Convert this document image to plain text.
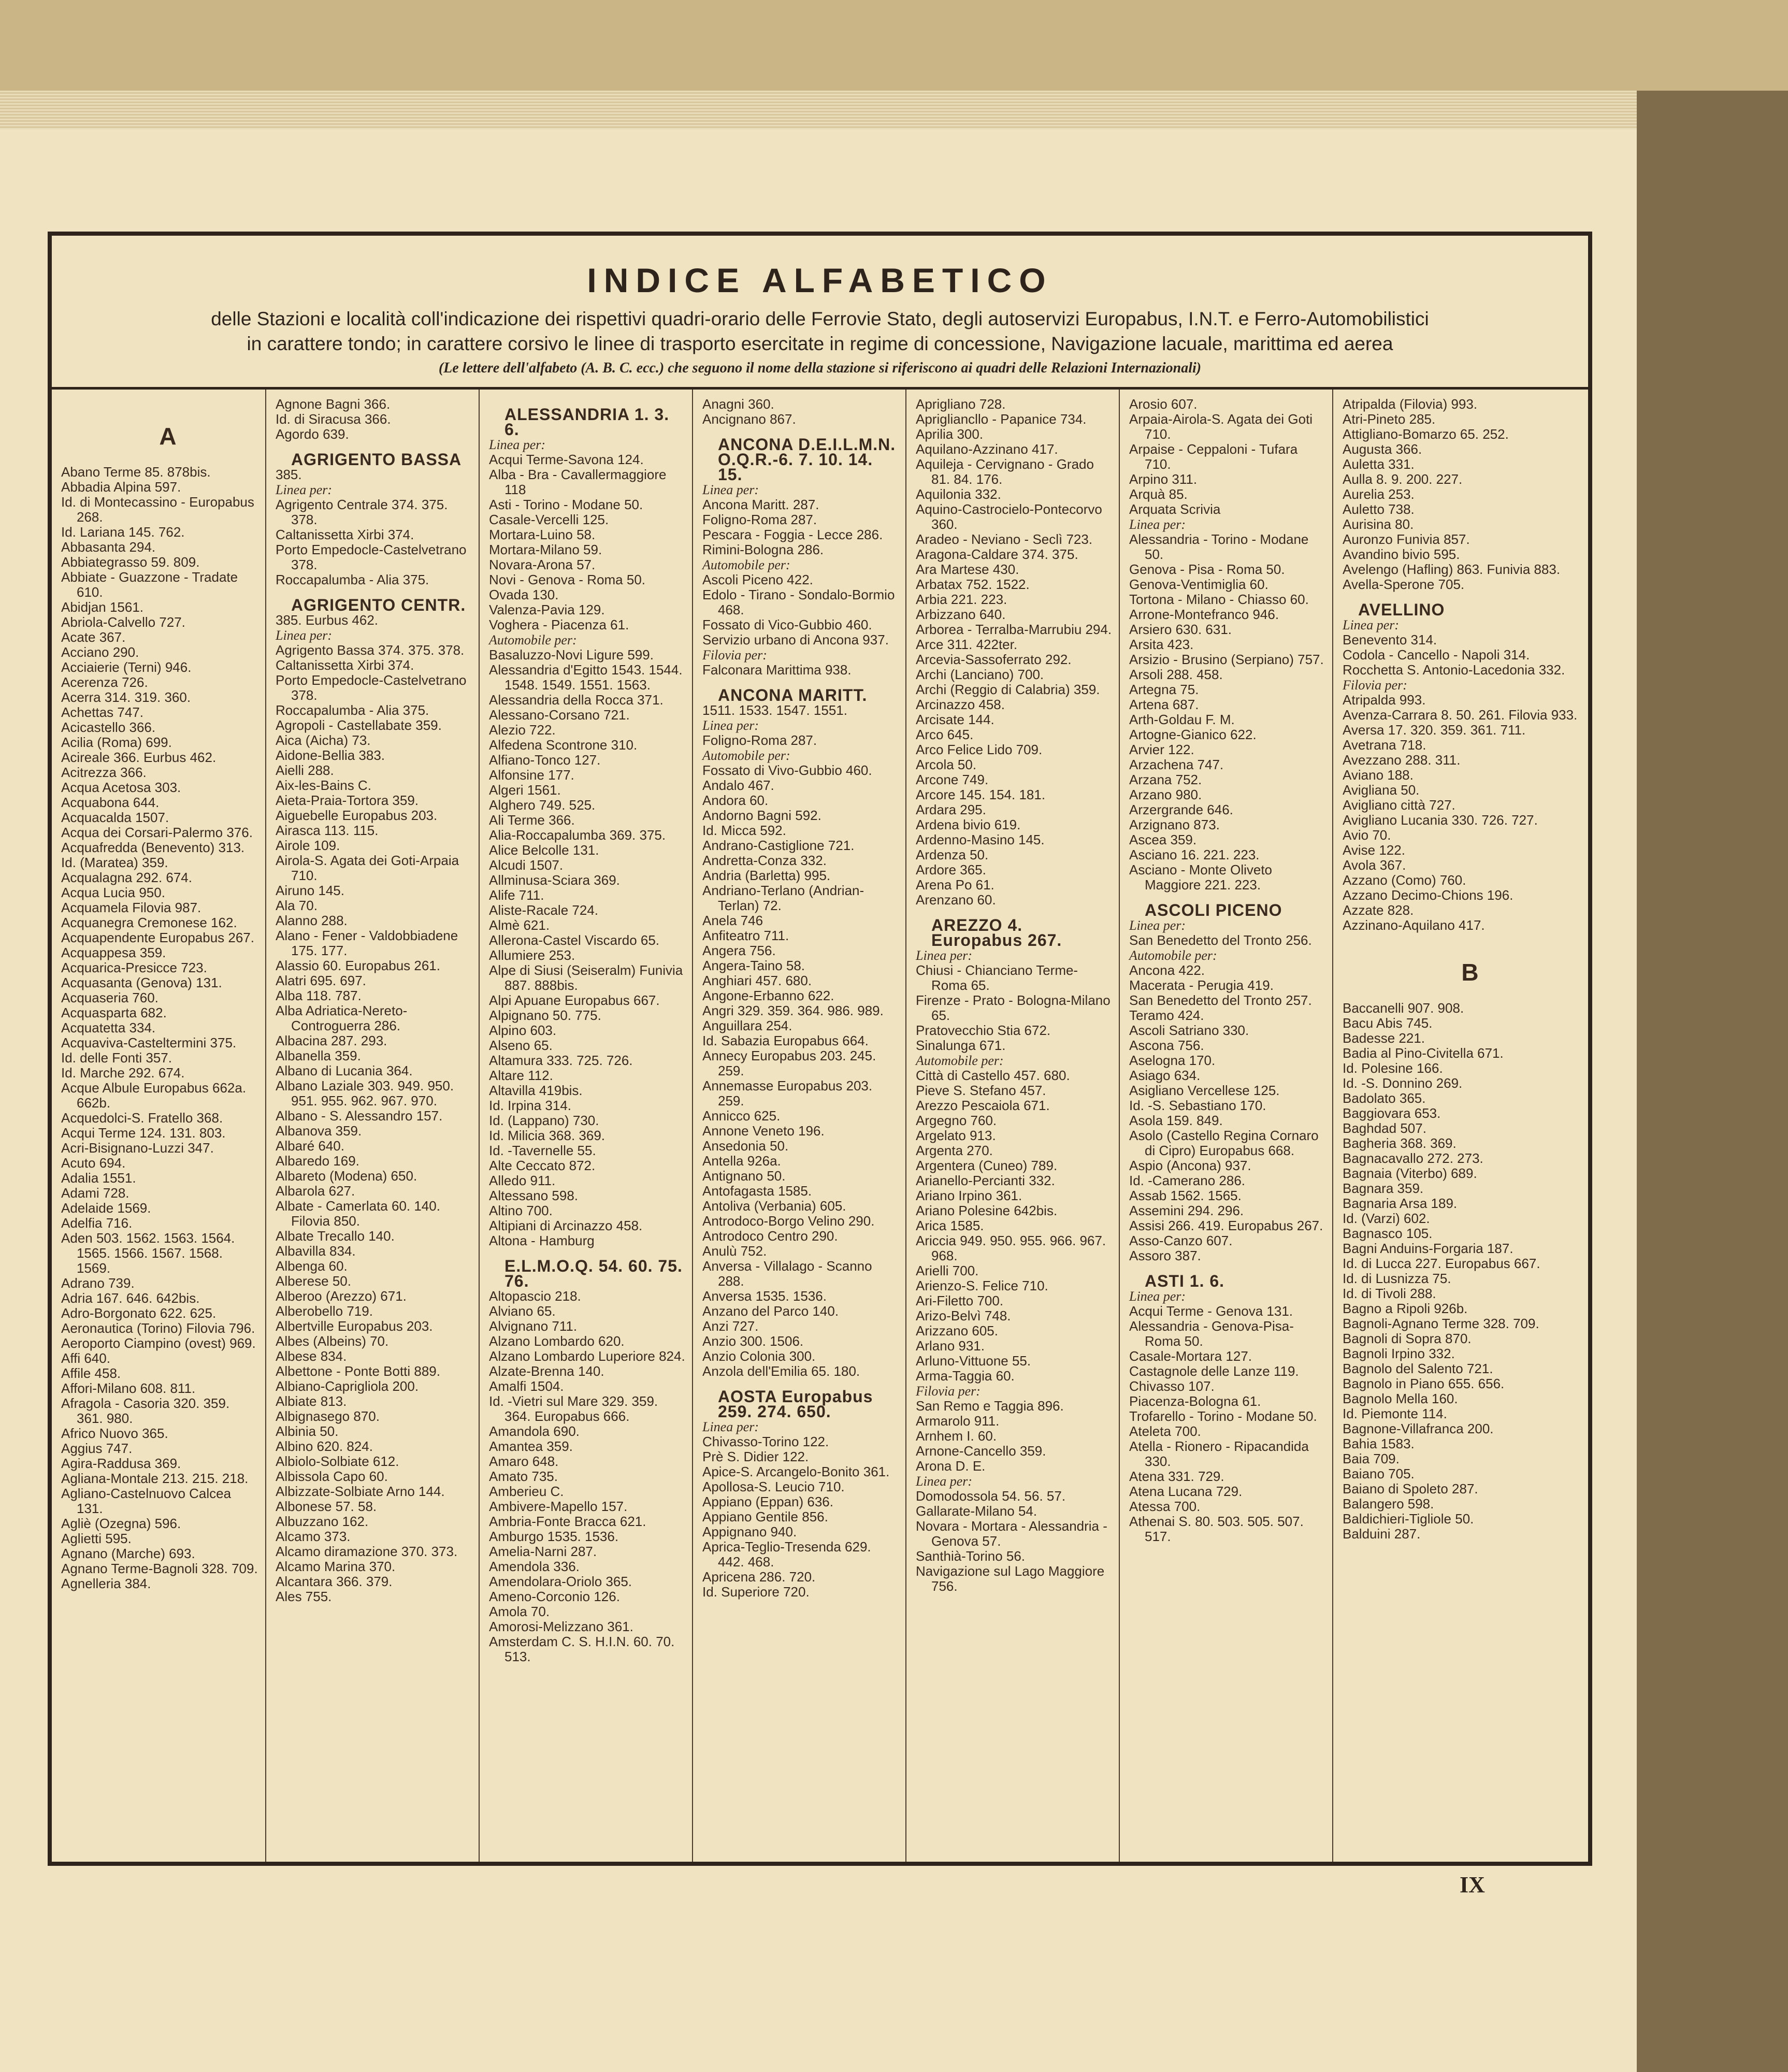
INDICE ALFABETICO
delle Stazioni e località coll'indicazione dei rispettivi quadri-orario delle Ferrovie Stato, degli autoservizi Europabus, I.N.T. e Ferro-Automobilistici
in carattere tondo; in carattere corsivo le linee di trasporto esercitate in regime di concessione, Navigazione lacuale, marittima ed aerea
(Le lettere dell'alfabeto (A. B. C. ecc.) che seguono il nome della stazione si riferiscono ai quadri delle Relazioni Internazionali)

A

Abano Terme 85. 878bis.

Abbadia Alpina 597.

Id. di Montecassino - Europabus 268.

Id. Lariana 145. 762.

Abbasanta 294.

Abbiategrasso 59. 809.

Abbiate - Guazzone - Tradate 610.

Abidjan 1561.

Abriola-Calvello 727.

Acate 367.

Acciano 290.

Acciaierie (Terni) 946.

Acerenza 726.

Acerra 314. 319. 360.

Achettas 747.

Acicastello 366.

Acilia (Roma) 699.

Acireale 366. Eurbus 462.

Acitrezza 366.

Acqua Acetosa 303.

Acquabona 644.

Acquacalda 1507.

Acqua dei Corsari-Palermo 376.

Acquafredda (Benevento) 313.

Id. (Maratea) 359.

Acqualagna 292. 674.

Acqua Lucia 950.

Acquamela Filovia 987.

Acquanegra Cremonese 162.

Acquapendente Europabus 267.

Acquappesa 359.

Acquarica-Presicce 723.

Acquasanta (Genova) 131.

Acquaseria 760.

Acquasparta 682.

Acquatetta 334.

Acquaviva-Casteltermini 375.

Id. delle Fonti 357.

Id. Marche 292. 674.

Acque Albule Europabus 662a. 662b.

Acquedolci-S. Fratello 368.

Acqui Terme 124. 131. 803.

Acri-Bisignano-Luzzi 347.

Acuto 694.

Adalia 1551.

Adami 728.

Adelaide 1569.

Adelfia 716.

Aden 503. 1562. 1563. 1564. 1565. 1566. 1567. 1568. 1569.

Adrano 739.

Adria 167. 646. 642bis.

Adro-Borgonato 622. 625.

Aeronautica (Torino) Filovia 796.

Aeroporto Ciampino (ovest) 969.

Affi 640.

Affile 458.

Affori-Milano 608. 811.

Afragola - Casoria 320. 359. 361. 980.

Africo Nuovo 365.

Aggius 747.

Agira-Raddusa 369.

Agliana-Montale 213. 215. 218.

Agliano-Castelnuovo Calcea 131.

Agliè (Ozegna) 596.

Aglietti 595.

Agnano (Marche) 693.

Agnano Terme-Bagnoli 328. 709.

Agnelleria 384.

Agnone Bagni 366.

Id. di Siracusa 366.

Agordo 639.

AGRIGENTO BASSA

385.

Linea per:

Agrigento Centrale 374. 375. 378.

Caltanissetta Xirbi 374.

Porto Empedocle-Castelvetrano 378.

Roccapalumba - Alia 375.

AGRIGENTO CENTR.

385. Eurbus 462.

Linea per:

Agrigento Bassa 374. 375. 378.

Caltanissetta Xirbi 374.

Porto Empedocle-Castelvetrano 378.

Roccapalumba - Alia 375.

Agropoli - Castellabate 359.

Aica (Aicha) 73.

Aidone-Bellia 383.

Aielli 288.

Aix-les-Bains C.

Aieta-Praia-Tortora 359.

Aiguebelle Europabus 203.

Airasca 113. 115.

Airole 109.

Airola-S. Agata dei Goti-Arpaia 710.

Airuno 145.

Ala 70.

Alanno 288.

Alano - Fener - Valdobbiadene 175. 177.

Alassio 60. Europabus 261.

Alatri 695. 697.

Alba 118. 787.

Alba Adriatica-Nereto-Controguerra 286.

Albacina 287. 293.

Albanella 359.

Albano di Lucania 364.

Albano Laziale 303. 949. 950. 951. 955. 962. 967. 970.

Albano - S. Alessandro 157.

Albanova 359.

Albaré 640.

Albaredo 169.

Albareto (Modena) 650.

Albarola 627.

Albate - Camerlata 60. 140. Filovia 850.

Albate Trecallo 140.

Albavilla 834.

Albenga 60.

Alberese 50.

Alberoo (Arezzo) 671.

Alberobello 719.

Albertville Europabus 203.

Albes (Albeins) 70.

Albese 834.

Albettone - Ponte Botti 889.

Albiano-Caprigliola 200.

Albiate 813.

Albignasego 870.

Albinia 50.

Albino 620. 824.

Albiolo-Solbiate 612.

Albissola Capo 60.

Albizzate-Solbiate Arno 144.

Albonese 57. 58.

Albuzzano 162.

Alcamo 373.

Alcamo diramazione 370. 373.

Alcamo Marina 370.

Alcantara 366. 379.

Ales 755.

ALESSANDRIA 1. 3. 6.

Linea per:

Acqui Terme-Savona 124.

Alba - Bra - Cavallermaggiore 118

Asti - Torino - Modane 50.

Casale-Vercelli 125.

Mortara-Luino 58.

Mortara-Milano 59.

Novara-Arona 57.

Novi - Genova - Roma 50.

Ovada 130.

Valenza-Pavia 129.

Voghera - Piacenza 61.

Automobile per:

Basaluzzo-Novi Ligure 599.

Alessandria d'Egitto 1543. 1544. 1548. 1549. 1551. 1563.

Alessandria della Rocca 371.

Alessano-Corsano 721.

Alezio 722.

Alfedena Scontrone 310.

Alfiano-Tonco 127.

Alfonsine 177.

Algeri 1561.

Alghero 749. 525.

Ali Terme 366.

Alia-Roccapalumba 369. 375.

Alice Belcolle 131.

Alcudi 1507.

Allminusa-Sciara 369.

Alife 711.

Aliste-Racale 724.

Almè 621.

Allerona-Castel Viscardo 65.

Allumiere 253.

Alpe di Siusi (Seiseralm) Funivia 887. 888bis.

Alpi Apuane Europabus 667.

Alpignano 50. 775.

Alpino 603.

Alseno 65.

Altamura 333. 725. 726.

Altare 112.

Altavilla 419bis.

Id. Irpina 314.

Id. (Lappano) 730.

Id. Milicia 368. 369.

Id. -Tavernelle 55.

Alte Ceccato 872.

Alledo 911.

Altessano 598.

Altino 700.

Altipiani di Arcinazzo 458.

Altona - Hamburg

E.L.M.O.Q. 54. 60. 75. 76.

Altopascio 218.

Alviano 65.

Alvignano 711.

Alzano Lombardo 620.

Alzano Lombardo Luperiore 824.

Alzate-Brenna 140.

Amalfi 1504.

Id. -Vietri sul Mare 329. 359. 364. Europabus 666.

Amandola 690.

Amantea 359.

Amaro 648.

Amato 735.

Amberieu C.

Ambivere-Mapello 157.

Ambria-Fonte Bracca 621.

Amburgo 1535. 1536.

Amelia-Narni 287.

Amendola 336.

Amendolara-Oriolo 365.

Ameno-Corconio 126.

Amola 70.

Amorosi-Melizzano 361.

Amsterdam C. S. H.I.N. 60. 70. 513.

Anagni 360.

Ancignano 867.

ANCONA D.E.I.L.M.N. O.Q.R.-6. 7. 10. 14. 15.

Linea per:

Ancona Maritt. 287.

Foligno-Roma 287.

Pescara - Foggia - Lecce 286.

Rimini-Bologna 286.

Automobile per:

Ascoli Piceno 422.

Edolo - Tirano - Sondalo-Bormio 468.

Fossato di Vico-Gubbio 460.

Servizio urbano di Ancona 937.

Filovia per:

Falconara Marittima 938.

ANCONA MARITT.

1511. 1533. 1547. 1551.

Linea per:

Foligno-Roma 287.

Automobile per:

Fossato di Vivo-Gubbio 460.

Andalo 467.

Andora 60.

Andorno Bagni 592.

Id. Micca 592.

Andrano-Castiglione 721.

Andretta-Conza 332.

Andria (Barletta) 995.

Andriano-Terlano (Andrian-Terlan) 72.

Anela 746

Anfiteatro 711.

Angera 756.

Angera-Taino 58.

Anghiari 457. 680.

Angone-Erbanno 622.

Angri 329. 359. 364. 986. 989.

Anguillara 254.

Id. Sabazia Europabus 664.

Annecy Europabus 203. 245. 259.

Annemasse Europabus 203. 259.

Annicco 625.

Annone Veneto 196.

Ansedonia 50.

Antella 926a.

Antignano 50.

Antofagasta 1585.

Antoliva (Verbania) 605.

Antrodoco-Borgo Velino 290.

Antrodoco Centro 290.

Anulù 752.

Anversa - Villalago - Scanno 288.

Anversa 1535. 1536.

Anzano del Parco 140.

Anzi 727.

Anzio 300. 1506.

Anzio Colonia 300.

Anzola dell'Emilia 65. 180.

AOSTA Europabus 259. 274. 650.

Linea per:

Chivasso-Torino 122.

Prè S. Didier 122.

Apice-S. Arcangelo-Bonito 361.

Apollosa-S. Leucio 710.

Appiano (Eppan) 636.

Appiano Gentile 856.

Appignano 940.

Aprica-Teglio-Tresenda 629. 442. 468.

Apricena 286. 720.

Id. Superiore 720.

Aprigliano 728.

Aprigliancllo - Papanice 734.

Aprilia 300.

Aquilano-Azzinano 417.

Aquileja - Cervignano - Grado 81. 84. 176.

Aquilonia 332.

Aquino-Castrocielo-Pontecorvo 360.

Aradeo - Neviano - Seclì 723.

Aragona-Caldare 374. 375.

Ara Martese 430.

Arbatax 752. 1522.

Arbia 221. 223.

Arbizzano 640.

Arborea - Terralba-Marrubiu 294.

Arce 311. 422ter.

Arcevia-Sassoferrato 292.

Archi (Lanciano) 700.

Archi (Reggio di Calabria) 359.

Arcinazzo 458.

Arcisate 144.

Arco 645.

Arco Felice Lido 709.

Arcola 50.

Arcone 749.

Arcore 145. 154. 181.

Ardara 295.

Ardena bivio 619.

Ardenno-Masino 145.

Ardenza 50.

Ardore 365.

Arena Po 61.

Arenzano 60.

AREZZO 4. Europabus 267.

Linea per:

Chiusi - Chianciano Terme-Roma 65.

Firenze - Prato - Bologna-Milano 65.

Pratovecchio Stia 672.

Sinalunga 671.

Automobile per:

Città di Castello 457. 680.

Pieve S. Stefano 457.

Arezzo Pescaiola 671.

Argegno 760.

Argelato 913.

Argenta 270.

Argentera (Cuneo) 789.

Arianello-Percianti 332.

Ariano Irpino 361.

Ariano Polesine 642bis.

Arica 1585.

Ariccia 949. 950. 955. 966. 967. 968.

Arielli 700.

Arienzo-S. Felice 710.

Ari-Filetto 700.

Arizo-Belvì 748.

Arizzano 605.

Arlano 931.

Arluno-Vittuone 55.

Arma-Taggia 60.

Filovia per:

San Remo e Taggia 896.

Armarolo 911.

Arnhem I. 60.

Arnone-Cancello 359.

Arona D. E.

Linea per:

Domodossola 54. 56. 57.

Gallarate-Milano 54.

Novara - Mortara - Alessandria - Genova 57.

Santhià-Torino 56.

Navigazione sul Lago Maggiore 756.

Arosio 607.

Arpaia-Airola-S. Agata dei Goti 710.

Arpaise - Ceppaloni - Tufara 710.

Arpino 311.

Arquà 85.

Arquata Scrivia

Linea per:

Alessandria - Torino - Modane 50.

Genova - Pisa - Roma 50.

Genova-Ventimiglia 60.

Tortona - Milano - Chiasso 60.

Arrone-Montefranco 946.

Arsiero 630. 631.

Arsita 423.

Arsizio - Brusino (Serpiano) 757.

Arsoli 288. 458.

Artegna 75.

Artena 687.

Arth-Goldau F. M.

Artogne-Gianico 622.

Arvier 122.

Arzachena 747.

Arzana 752.

Arzano 980.

Arzergrande 646.

Arzignano 873.

Ascea 359.

Asciano 16. 221. 223.

Asciano - Monte Oliveto Maggiore 221. 223.

ASCOLI PICENO

Linea per:

San Benedetto del Tronto 256.

Automobile per:

Ancona 422.

Macerata - Perugia 419.

San Benedetto del Tronto 257.

Teramo 424.

Ascoli Satriano 330.

Ascona 756.

Aselogna 170.

Asiago 634.

Asigliano Vercellese 125.

Id. -S. Sebastiano 170.

Asola 159. 849.

Asolo (Castello Regina Cornaro di Cipro) Europabus 668.

Aspio (Ancona) 937.

Id. -Camerano 286.

Assab 1562. 1565.

Assemini 294. 296.

Assisi 266. 419. Europabus 267.

Asso-Canzo 607.

Assoro 387.

ASTI 1. 6.

Linea per:

Acqui Terme - Genova 131.

Alessandria - Genova-Pisa-Roma 50.

Casale-Mortara 127.

Castagnole delle Lanze 119.

Chivasso 107.

Piacenza-Bologna 61.

Trofarello - Torino - Modane 50.

Ateleta 700.

Atella - Rionero - Ripacandida 330.

Atena 331. 729.

Atena Lucana 729.

Atessa 700.

Athenai S. 80. 503. 505. 507. 517.

Atripalda (Filovia) 993.

Atri-Pineto 285.

Attigliano-Bomarzo 65. 252.

Augusta 366.

Auletta 331.

Aulla 8. 9. 200. 227.

Aurelia 253.

Auletto 738.

Aurisina 80.

Auronzo Funivia 857.

Avandino bivio 595.

Avelengo (Hafling) 863. Funivia 883.

Avella-Sperone 705.

AVELLINO

Linea per:

Benevento 314.

Codola - Cancello - Napoli 314.

Rocchetta S. Antonio-Lacedonia 332.

Filovia per:

Atripalda 993.

Avenza-Carrara 8. 50. 261. Filovia 933.

Aversa 17. 320. 359. 361. 711.

Avetrana 718.

Avezzano 288. 311.

Aviano 188.

Avigliana 50.

Avigliano città 727.

Avigliano Lucania 330. 726. 727.

Avio 70.

Avise 122.

Avola 367.

Azzano (Como) 760.

Azzano Decimo-Chions 196.

Azzate 828.

Azzinano-Aquilano 417.

B

Baccanelli 907. 908.

Bacu Abis 745.

Badesse 221.

Badia al Pino-Civitella 671.

Id. Polesine 166.

Id. -S. Donnino 269.

Badolato 365.

Baggiovara 653.

Baghdad 507.

Bagheria 368. 369.

Bagnacavallo 272. 273.

Bagnaia (Viterbo) 689.

Bagnara 359.

Bagnaria Arsa 189.

Id. (Varzi) 602.

Bagnasco 105.

Bagni Anduins-Forgaria 187.

Id. di Lucca 227. Europabus 667.

Id. di Lusnizza 75.

Id. di Tivoli 288.

Bagno a Ripoli 926b.

Bagnoli-Agnano Terme 328. 709.

Bagnoli di Sopra 870.

Bagnoli Irpino 332.

Bagnolo del Salento 721.

Bagnolo in Piano 655. 656.

Bagnolo Mella 160.

Id. Piemonte 114.

Bagnone-Villafranca 200.

Bahia 1583.

Baia 709.

Baiano 705.

Baiano di Spoleto 287.

Balangero 598.

Baldichieri-Tigliole 50.

Balduini 287.

IX
